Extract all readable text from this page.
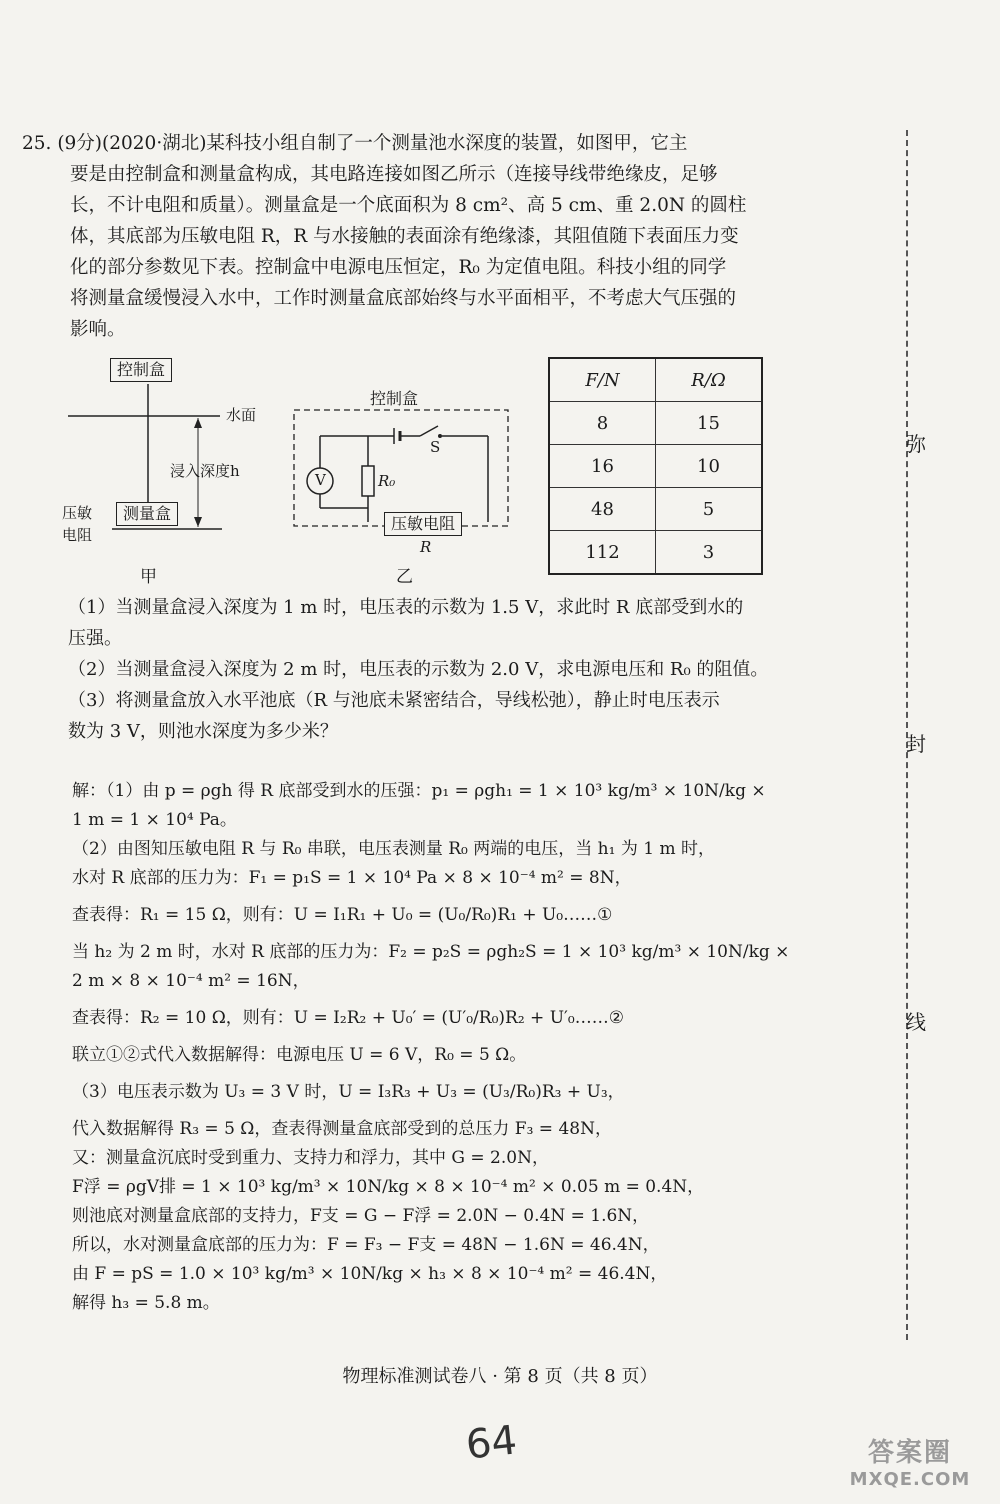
25. (9分)(2020·湖北)某科技小组自制了一个测量池水深度的装置，如图甲，它主

要是由控制盒和测量盒构成，其电路连接如图乙所示（连接导线带绝缘皮，足够

长，不计电阻和质量）。测量盒是一个底面积为 8 cm²、高 5 cm、重 2.0N 的圆柱

体，其底部为压敏电阻 R，R 与水接触的表面涂有绝缘漆，其阻值随下表面压力变

化的部分参数见下表。控制盒中电源电压恒定，R₀ 为定值电阻。科技小组的同学

将测量盒缓慢浸入水中，工作时测量盒底部始终与水平面相平，不考虑大气压强的

影响。

控制盒
水面
浸入深度h
压敏
电阻
测量盒
甲
控制盒
S
V	R₀
压敏电阻
R
乙
F/N	R/Ω
8	15
16	10
48	5
112	3

（1）当测量盒浸入深度为 1 m 时，电压表的示数为 1.5 V，求此时 R 底部受到水的

压强。

（2）当测量盒浸入深度为 2 m 时，电压表的示数为 2.0 V，求电源电压和 R₀ 的阻值。

（3）将测量盒放入水平池底（R 与池底未紧密结合，导线松弛），静止时电压表示

数为 3 V，则池水深度为多少米？

解：（1）由 p = ρgh 得 R 底部受到水的压强：p₁ = ρgh₁ = 1 × 10³ kg/m³ × 10N/kg ×

1 m = 1 × 10⁴ Pa。

（2）由图知压敏电阻 R 与 R₀ 串联，电压表测量 R₀ 两端的电压，当 h₁ 为 1 m 时，

水对 R 底部的压力为：F₁ = p₁S = 1 × 10⁴ Pa × 8 × 10⁻⁴ m² = 8N，

查表得：R₁ = 15 Ω，则有：U = I₁R₁ + U₀ = (U₀/R₀)R₁ + U₀……①

当 h₂ 为 2 m 时，水对 R 底部的压力为：F₂ = p₂S = ρgh₂S = 1 × 10³ kg/m³ × 10N/kg ×

2 m × 8 × 10⁻⁴ m² = 16N，

查表得：R₂ = 10 Ω，则有：U = I₂R₂ + U₀′ = (U′₀/R₀)R₂ + U′₀……②

联立①②式代入数据解得：电源电压 U = 6 V，R₀ = 5 Ω。

（3）电压表示数为 U₃ = 3 V 时，U = I₃R₃ + U₃ = (U₃/R₀)R₃ + U₃，

代入数据解得 R₃ = 5 Ω，查表得测量盒底部受到的总压力 F₃ = 48N，

又：测量盒沉底时受到重力、支持力和浮力，其中 G = 2.0N，

F浮 = ρgV排 = 1 × 10³ kg/m³ × 10N/kg × 8 × 10⁻⁴ m² × 0.05 m = 0.4N，

则池底对测量盒底部的支持力，F支 = G − F浮 = 2.0N − 0.4N = 1.6N，

所以，水对测量盒底部的压力为：F = F₃ − F支 = 48N − 1.6N = 46.4N，

由 F = pS = 1.0 × 10³ kg/m³ × 10N/kg × h₃ × 8 × 10⁻⁴ m² = 46.4N，

解得 h₃ = 5.8 m。

弥
封
线
物理标准测试卷八 · 第 8 页（共 8 页）
64	答案圈
MXQE.COM
